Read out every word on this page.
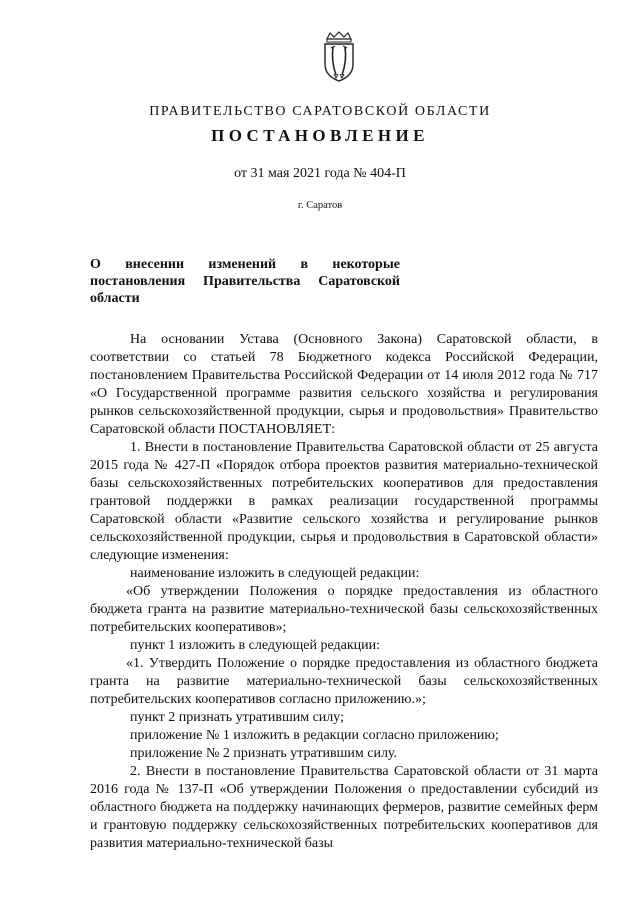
ПРАВИТЕЛЬСТВО САРАТОВСКОЙ ОБЛАСТИ
ПОСТАНОВЛЕНИЕ
от 31 мая 2021 года № 404-П
г. Саратов
О внесении изменений в некоторые
постановления Правительства Саратовской области

На основании Устава (Основного Закона) Саратовской области, в соответствии со статьей 78 Бюджетного кодекса Российской Федерации, постановлением Правительства Российской Федерации от 14 июля 2012 года № 717 «О Государственной программе развития сельского хозяйства и регулирования рынков сельскохозяйственной продукции, сырья и продовольствия» Правительство Саратовской области ПОСТАНОВЛЯЕТ:

1. Внести в постановление Правительства Саратовской области от 25 августа 2015 года № 427-П «Порядок отбора проектов развития материально-технической базы сельскохозяйственных потребительских кооперативов для предоставления грантовой поддержки в рамках реализации государственной программы Саратовской области «Развитие сельского хозяйства и регулирование рынков сельскохозяйственной продукции, сырья и продовольствия в Саратовской области» следующие изменения:

наименование изложить в следующей редакции:

«Об утверждении Положения о порядке предоставления из областного бюджета гранта на развитие материально-технической базы сельскохозяйственных потребительских кооперативов»;

пункт 1 изложить в следующей редакции:

«1. Утвердить Положение о порядке предоставления из областного бюджета гранта на развитие материально-технической базы сельскохозяйственных потребительских кооперативов согласно приложению.»;

пункт 2 признать утратившим силу;

приложение № 1 изложить в редакции согласно приложению;

приложение № 2 признать утратившим силу.

2. Внести в постановление Правительства Саратовской области от 31 марта 2016 года № 137-П «Об утверждении Положения о предоставлении субсидий из областного бюджета на поддержку начинающих фермеров, развитие семейных ферм и грантовую поддержку сельскохозяйственных потребительских кооперативов для развития материально-технической базы
